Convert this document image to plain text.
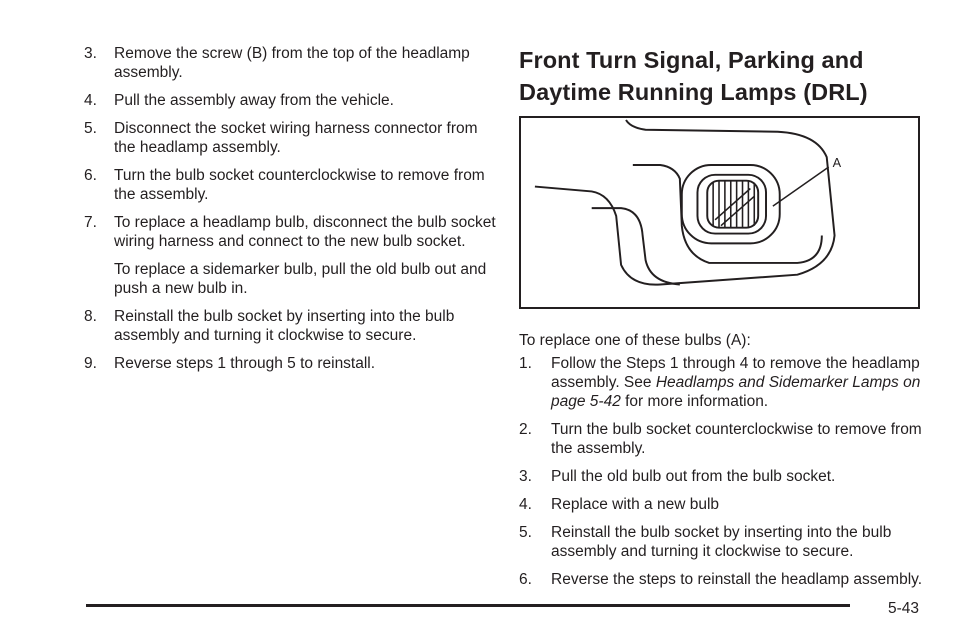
3. Remove the screw (B) from the top of the headlamp assembly.

4. Pull the assembly away from the vehicle.

5. Disconnect the socket wiring harness connector from the headlamp assembly.

6. Turn the bulb socket counterclockwise to remove from the assembly.

7. To replace a headlamp bulb, disconnect the bulb socket wiring harness and connect to the new bulb socket.

To replace a sidemarker bulb, pull the old bulb out and push a new bulb in.

8. Reinstall the bulb socket by inserting into the bulb assembly and turning it clockwise to secure.

9. Reverse steps 1 through 5 to reinstall.

Front Turn Signal, Parking and

Daytime Running Lamps (DRL)

A

To replace one of these bulbs (A):

1. Follow the Steps 1 through 4 to remove the headlamp assembly. See Headlamps and Sidemarker Lamps on page 5-42 for more information.

2. Turn the bulb socket counterclockwise to remove from the assembly.

3. Pull the old bulb out from the bulb socket.

4. Replace with a new bulb

5. Reinstall the bulb socket by inserting into the bulb assembly and turning it clockwise to secure.

6. Reverse the steps to reinstall the headlamp assembly.

5-43
